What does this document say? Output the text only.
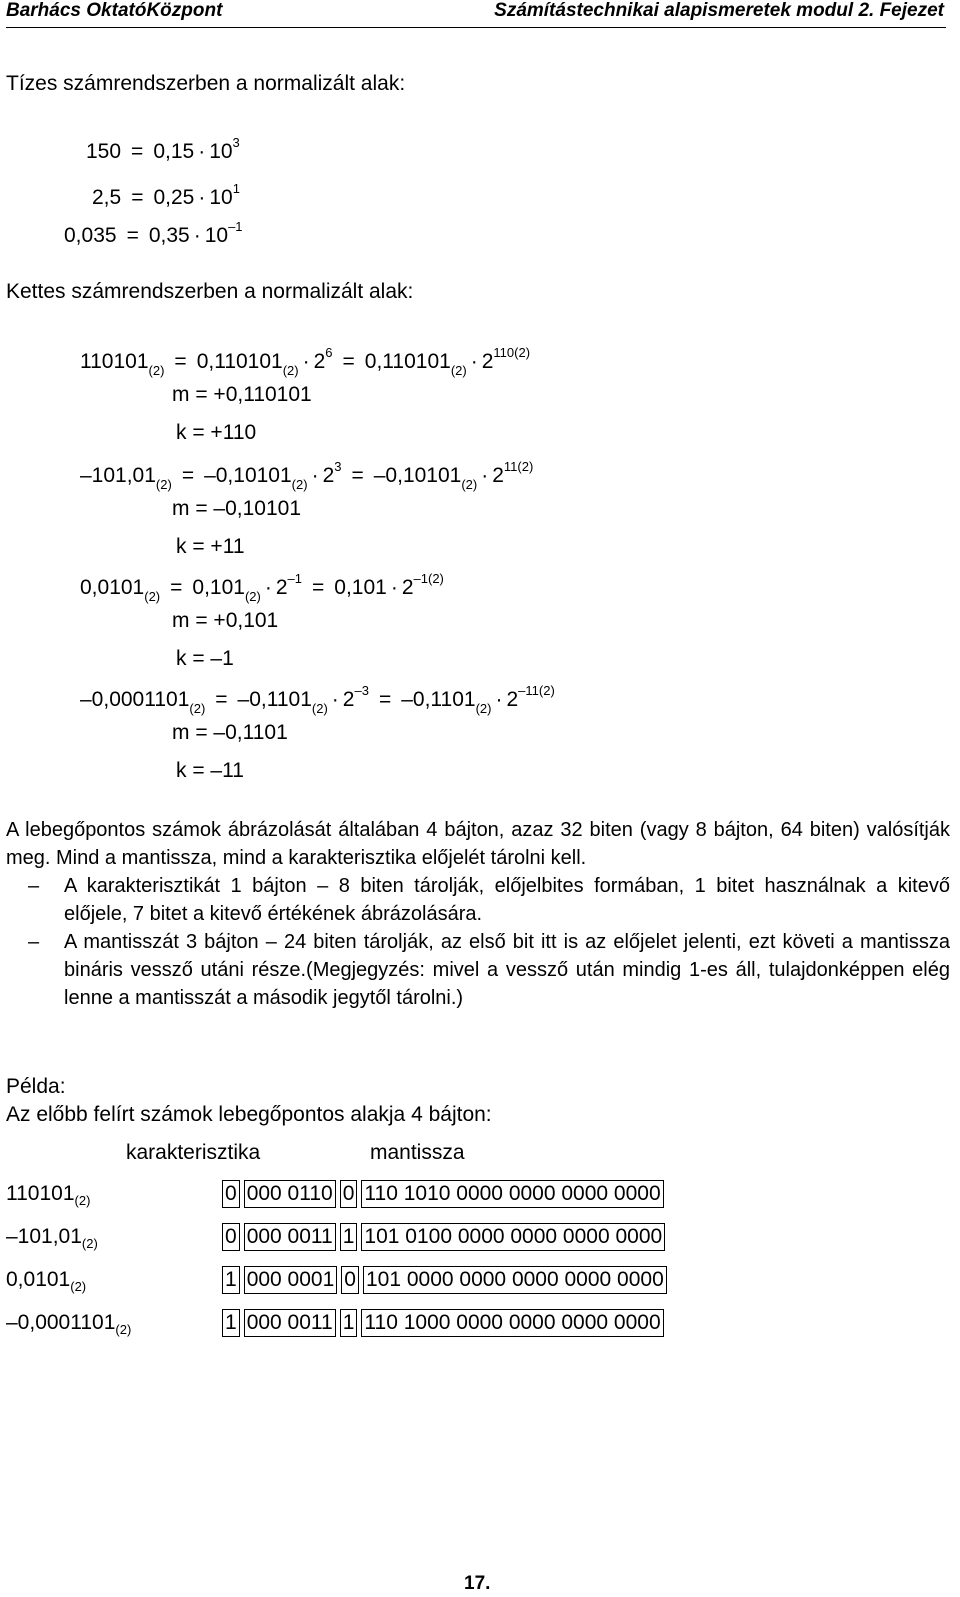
Barhács OktatóKözpont	Számítástechnikai alapismeretek modul 2. Fejezet
Tízes számrendszerben a normalizált alak:
$150 = 0,15 \cdot 10^3$
$2,5 = 0,25 \cdot 10^1$
$0,035 = 0,35 \cdot 10^{-1}$
Kettes számrendszerben a normalizált alak:
$110101_{(2)} = 0,110101_{(2)} \cdot 2^6 = 0,110101_{(2)} \cdot 2^{110(2)}$
m = +0,110101
k = +110
$-101,01_{(2)} = -0,10101_{(2)} \cdot 2^3 = -0,10101_{(2)} \cdot 2^{11(2)}$
m = –0,10101
k = +11
$0,0101_{(2)} = 0,101_{(2)} \cdot 2^{-1} = 0,101 \cdot 2^{-1(2)}$
m = +0,101
k = –1
$-0,0001101_{(2)} = -0,1101_{(2)} \cdot 2^{-3} = -0,1101_{(2)} \cdot 2^{-11(2)}$
m = –0,1101
k = –11
A lebegőpontos számok ábrázolását általában 4 bájton, azaz 32 biten (vagy 8 bájton, 64 biten) valósítják meg. Mind a mantissza, mind a karakterisztika előjelét tárolni kell.
– A karakterisztikát 1 bájton – 8 biten tárolják, előjelbites formában, 1 bitet használnak a kitevő előjele, 7 bitet a kitevő értékének ábrázolására.
– A mantisszát 3 bájton – 24 biten tárolják, az első bit itt is az előjelet jelenti, ezt követi a mantissza bináris vessző utáni része.(Megjegyzés: mivel a vessző után mindig 1-es áll, tulajdonképpen elég lenne a mantisszát a második jegytől tárolni.)
Példa:
Az előbb felírt számok lebegőpontos alakja 4 bájton:
karakterisztika	mantissza
$110101_{(2)}$	0 000 0110 0 110 1010 0000 0000 0000 0000
$-101,01_{(2)}$	0 000 0011 1 101 0100 0000 0000 0000 0000
$0,0101_{(2)}$	1 000 0001 0 101 0000 0000 0000 0000 0000
$-0,0001101_{(2)}$	1 000 0011 1 110 1000 0000 0000 0000 0000
17.
